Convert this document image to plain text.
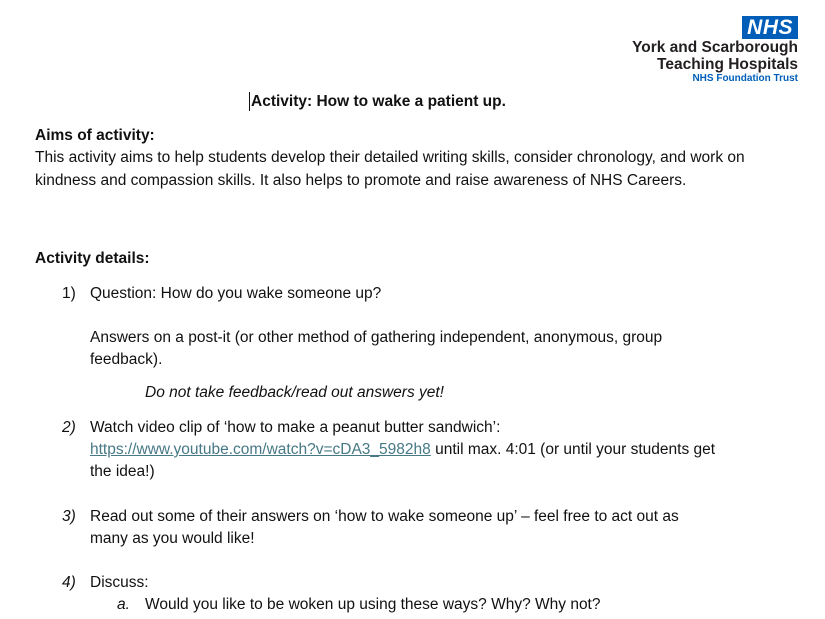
NHS
York and Scarborough
Teaching Hospitals
NHS Foundation Trust
Activity: How to wake a patient up.
Aims of activity:
This activity aims to help students develop their detailed writing skills, consider chronology, and work on kindness and compassion skills. It also helps to promote and raise awareness of NHS Careers.
Activity details:
1) Question: How do you wake someone up?
Answers on a post-it (or other method of gathering independent, anonymous, group feedback).
Do not take feedback/read out answers yet!
2) Watch video clip of ‘how to make a peanut butter sandwich’:
https://www.youtube.com/watch?v=cDA3_5982h8 until max. 4:01 (or until your students get the idea!)
3) Read out some of their answers on ‘how to wake someone up’ – feel free to act out as many as you would like!
4) Discuss:
a. Would you like to be woken up using these ways? Why? Why not?
